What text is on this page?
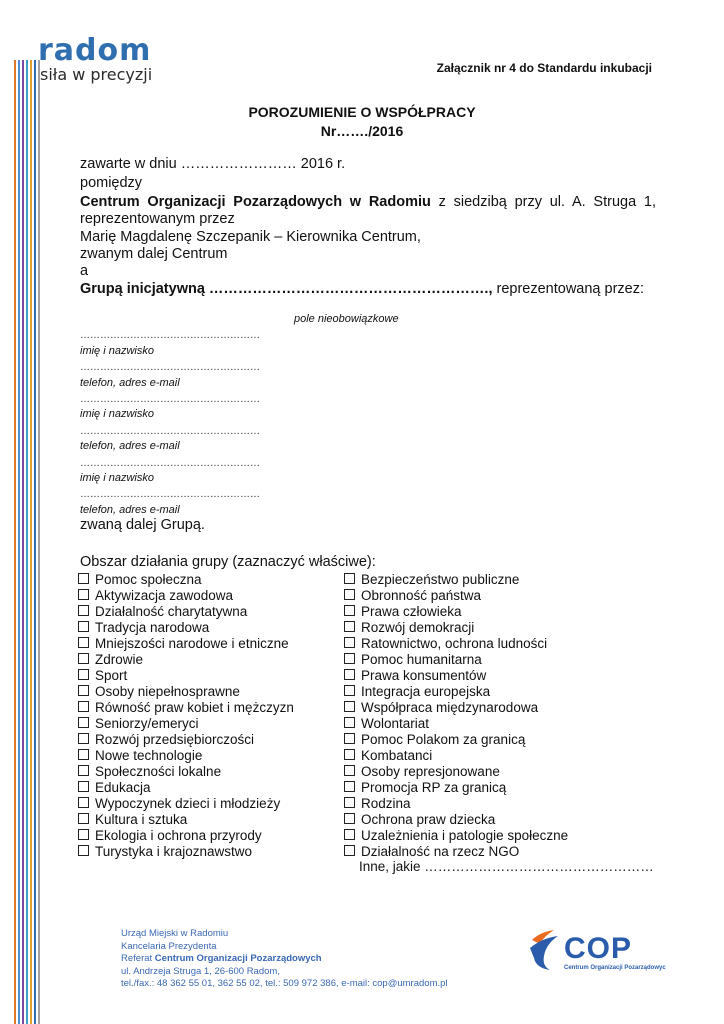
radom
siła w precyzji	Załącznik nr 4 do Standardu inkubacji
POROZUMIENIE O WSPÓŁPRACY
Nr……./2016
zawarte w dniu …………………… 2016 r.
pomiędzy
Centrum Organizacji Pozarządowych w Radomiu z siedzibą przy ul. A. Struga 1,
reprezentowanym przez
Marię Magdalenę Szczepanik – Kierownika Centrum,
zwanym dalej Centrum
a
Grupą inicjatywną …………………………………………………., reprezentowaną przez:
pole nieobowiązkowe
………………………………………………
imię i nazwisko
………………………………………………
telefon, adres e-mail
………………………………………………
imię i nazwisko
………………………………………………
telefon, adres e-mail
………………………………………………
imię i nazwisko
………………………………………………
telefon, adres e-mail
zwaną dalej Grupą.
Obszar działania grupy (zaznaczyć właściwe):
Pomoc społeczna
Aktywizacja zawodowa
Działalność charytatywna
Tradycja narodowa
Mniejszości narodowe i etniczne
Zdrowie
Sport
Osoby niepełnosprawne
Równość praw kobiet i mężczyzn
Seniorzy/emeryci
Rozwój przedsiębiorczości
Nowe technologie
Społeczności lokalne
Edukacja
Wypoczynek dzieci i młodzieży
Kultura i sztuka
Ekologia i ochrona przyrody
Turystyka i krajoznawstwo
Bezpieczeństwo publiczne
Obronność państwa
Prawa człowieka
Rozwój demokracji
Ratownictwo, ochrona ludności
Pomoc humanitarna
Prawa konsumentów
Integracja europejska
Współpraca międzynarodowa
Wolontariat
Pomoc Polakom za granicą
Kombatanci
Osoby represjonowane
Promocja RP za granicą
Rodzina
Ochrona praw dziecka
Uzależnienia i patologie społeczne
Działalność na rzecz NGO
Inne, jakie ……………………………………………
Urząd Miejski w Radomiu
Kancelaria Prezydenta
Referat Centrum Organizacji Pozarządowych
ul. Andrzeja Struga 1, 26-600 Radom,
tel./fax.: 48 362 55 01, 362 55 02, tel.: 509 972 386, e-mail: cop@umradom.pl
COP
Centrum Organizacji Pozarządowych
